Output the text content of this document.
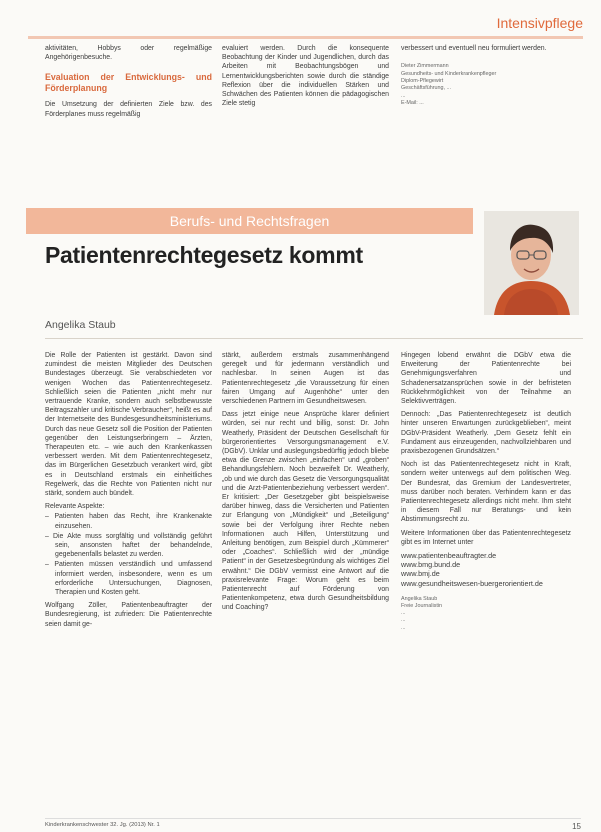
Intensivpflege
aktivitäten, Hobbys oder regelmäßige Angehörigenbesuche.
Evaluation der Entwicklungs- und Förderplanung
Die Umsetzung der definierten Ziele bzw. des Förderplanes muss regelmäßig
evaluiert werden. Durch die konsequente Beobachtung der Kinder und Jugendlichen, durch das Arbeiten mit Beobachtungsbögen und Lernentwicklungsberichten sowie durch die ständige Reflexion über die individuellen Stärken und Schwächen des Patienten können die pädagogischen Ziele stetig
verbessert und eventuell neu formuliert werden.
Dieter Zimmermann
Gesundheits- und Kinderkrankenpfleger
Diplom-Pflegewirt
Geschäftsführung, ...
...
E-Mail: ...
Berufs- und Rechtsfragen
Patientenrechtegesetz kommt
Angelika Staub
Die Rolle der Patienten ist gestärkt. Davon sind zumindest die meisten Mitglieder des Deutschen Bundestages überzeugt. Sie verabschiedeten vor wenigen Wochen das Patientenrechtegesetz. Schließlich seien die Patienten „nicht mehr nur vertrauende Kranke, sondern auch selbstbewusste Beitragszahler und kritische Verbraucher“, heißt es auf der Internetseite des Bundesgesundheitsministeriums. Durch das neue Gesetz soll die Position der Patienten gegenüber den Leistungserbringern – Ärzten, Therapeuten etc. – wie auch den Krankenkassen verbessert werden. Mit dem Patientenrechtegesetz, das im Bürgerlichen Gesetzbuch verankert wird, gibt es in Deutschland erstmals ein einheitliches Regelwerk, das die Rechte von Patienten nicht nur stärkt, sondern auch bündelt.
Relevante Aspekte:
– Patienten haben das Recht, ihre Krankenakte einzusehen.
– Die Akte muss sorgfältig und vollständig geführt sein, ansonsten haftet der behandelnde, gegebenenfalls belastet zu werden.
– Patienten müssen verständlich und umfassend informiert werden, insbesondere, wenn es um erforderliche Untersuchungen, Diagnosen, Therapien und Kosten geht.
Wolfgang Zöller, Patientenbeauftragter der Bundesregierung, ist zufrieden: Die Patientenrechte seien damit ge-
stärkt, außerdem erstmals zusammenhängend geregelt und für jedermann verständlich und nachlesbar. In seinen Augen ist das Patientenrechtegesetz „die Voraussetzung für einen fairen Umgang auf Augenhöhe“ unter den verschiedenen Partnern im Gesundheitswesen.
Dass jetzt einige neue Ansprüche klarer definiert würden, sei nur recht und billig, sonst: Dr. John Weatherly, Präsident der Deutschen Gesellschaft für bürgerorientiertes Versorgungsmanagement e.V. (DGbV). Unklar und auslegungsbedürftig jedoch bliebe etwa die Grenze zwischen „einfachen“ und „groben“ Behandlungsfehlern. Noch bezweifelt Dr. Weatherly, „ob und wie durch das Gesetz die Versorgungsqualität und die Arzt-Patientenbeziehung verbessert werden“. Er kritisiert: „Der Gesetzgeber gibt beispielsweise darüber hinweg, dass die Versicherten und Patienten zur Erlangung von „Mündigkeit“ und „Beteiligung“ sowie bei der Verfolgung ihrer Rechte neben Informationen auch Hilfen, Unterstützung und Anleitung benötigen, zum Beispiel durch „Kümmerer“ oder „Coaches“. Schließlich wird der „mündige Patient“ in der Gesetzesbegründung als wichtiges Ziel erwähnt.“ Die DGbV vermisst eine Antwort auf die praxisrelevante Frage: Worum geht es beim Patientenrecht auf Förderung von Patientenkompetenz, etwa durch Gesundheitsbildung und Coaching?
Hingegen lobend erwähnt die DGbV etwa die Erweiterung der Patientenrechte bei Genehmigungsverfahren und Schadenersatzansprüchen sowie in der befristeten Rückkehrmöglichkeit von der Teilnahme an Selektivverträgen.
Dennoch: „Das Patientenrechtegesetz ist deutlich hinter unseren Erwartungen zurückgeblieben“, meint DGbV-Präsident Weatherly. „Dem Gesetz fehlt ein Fundament aus einzeugenden, nachvollziehbaren und praxisbezogenen Grundsätzen.“
Noch ist das Patientenrechtegesetz nicht in Kraft, sondern weiter unterwegs auf dem politischen Weg. Der Bundesrat, das Gremium der Landesvertreter, muss darüber noch beraten. Verhindern kann er das Patientenrechtegesetz allerdings nicht mehr. Ihm steht in diesem Fall nur Beratungs- und kein Abstimmungsrecht zu.
Weitere Informationen über das Patientenrechtegesetz gibt es im Internet unter
www.patientenbeauftragter.de
www.bmg.bund.de
www.bmj.de
www.gesundheitswesen-buergerorientiert.de
Angelika Staub
Freie Journalistin
...
...
...
Kinderkrankenschwester 32. Jg. (2013) Nr. 1	15
